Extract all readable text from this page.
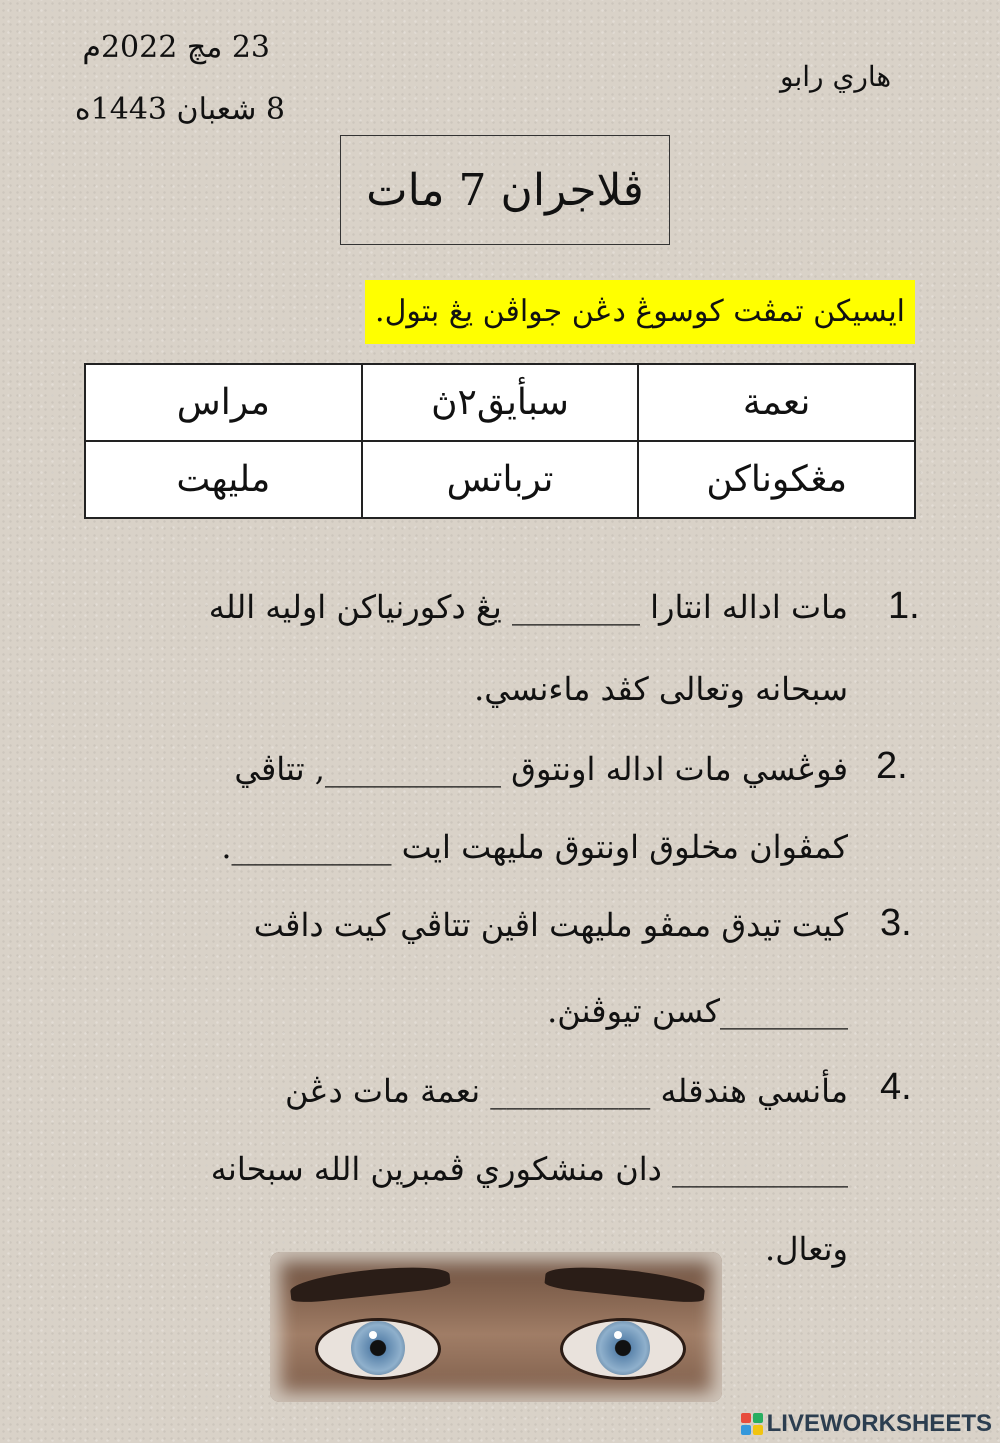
23 مچ 2022م
8 شعبان 1443ه
هاري رابو
ڤلاجران 7 مات
ايسيكن تمڤت كوسوڠ دڠن جواڤن يڠ بتول.
نعمة	سبأيق٢ڽ	مراس
مڠكوناكن	ترباتس	مليهت
1.
مات اداله انتارا ________ يڠ دكورنياكن اوليه الله
سبحانه وتعالى كڤد ماءنسي.
2.
فوڠسي مات اداله اونتوق ___________, تتاڤي
كمڤوان مخلوق اونتوق مليهت ايت __________.
3.
كيت تيدق ممڤو مليهت اڤين تتاڤي كيت داڤت
________كسن تيوڤنڽ.
4.
مأنسي هندقله __________ نعمة مات دڠن
___________ دان منشكوري ڤمبرين الله سبحانه
وتعال.
LIVEWORKSHEETS
